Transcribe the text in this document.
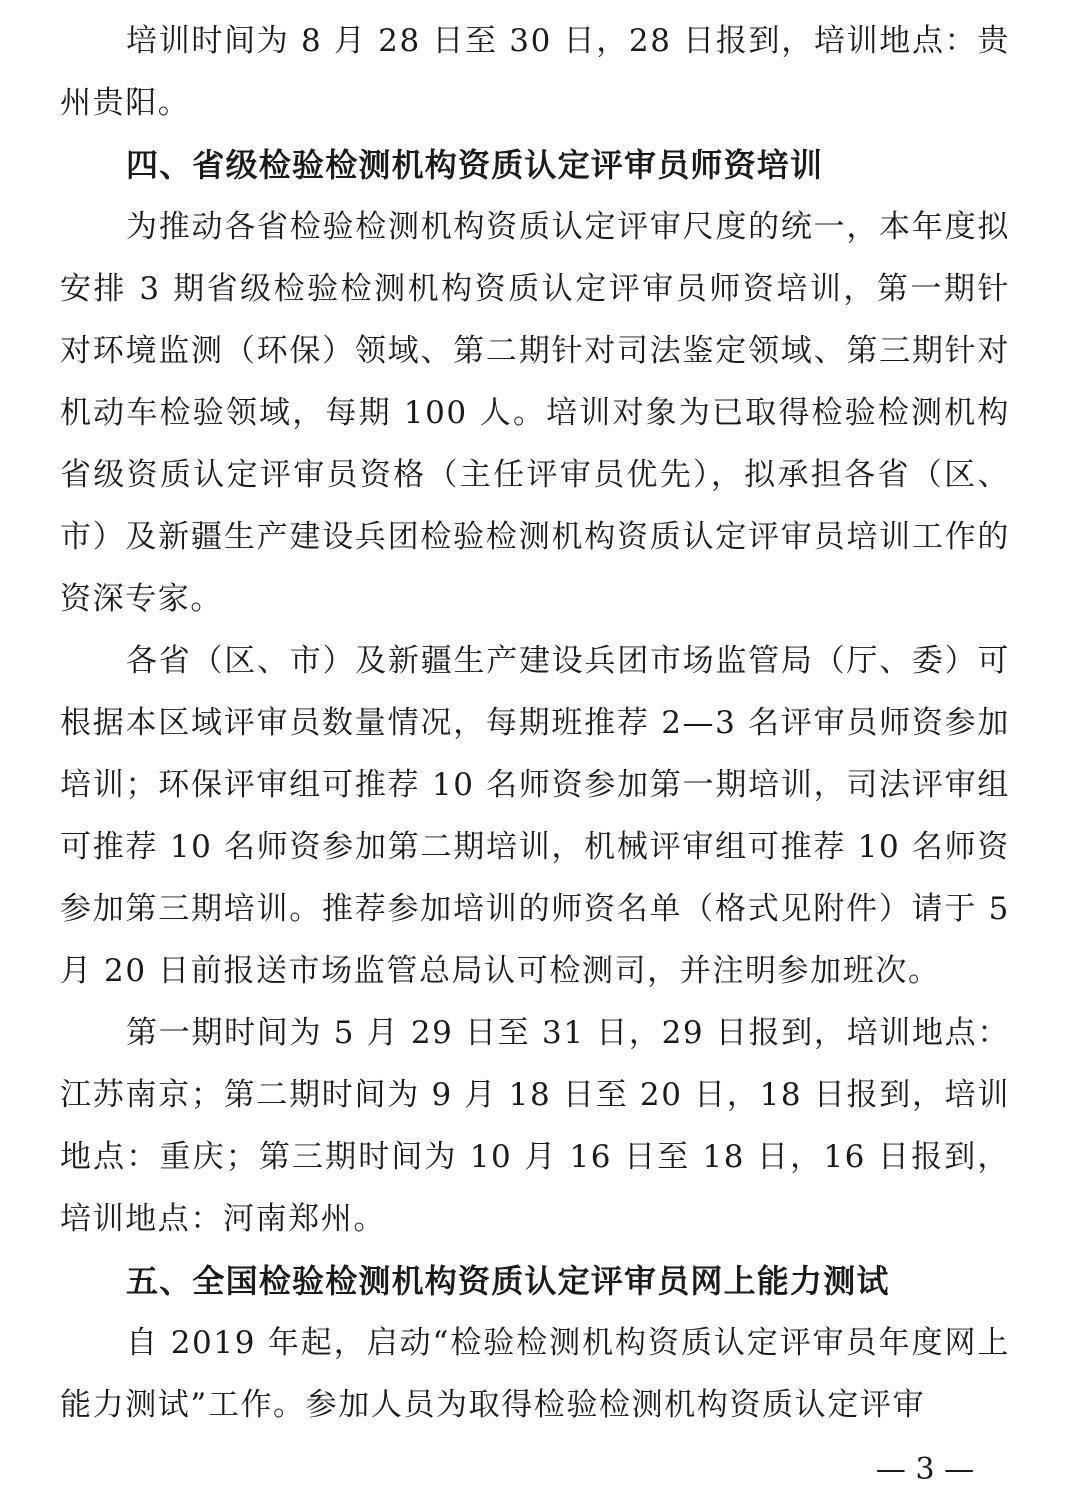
培训时间为 8 月 28 日至 30 日，28 日报到，培训地点：贵州贵阳。

四、省级检验检测机构资质认定评审员师资培训

为推动各省检验检测机构资质认定评审尺度的统一，本年度拟安排 3 期省级检验检测机构资质认定评审员师资培训，第一期针对环境监测（环保）领域、第二期针对司法鉴定领域、第三期针对机动车检验领域，每期 100 人。培训对象为已取得检验检测机构省级资质认定评审员资格（主任评审员优先），拟承担各省（区、市）及新疆生产建设兵团检验检测机构资质认定评审员培训工作的资深专家。

各省（区、市）及新疆生产建设兵团市场监管局（厅、委）可根据本区域评审员数量情况，每期班推荐 2—3 名评审员师资参加培训；环保评审组可推荐 10 名师资参加第一期培训，司法评审组可推荐 10 名师资参加第二期培训，机械评审组可推荐 10 名师资参加第三期培训。推荐参加培训的师资名单（格式见附件）请于 5 月 20 日前报送市场监管总局认可检测司，并注明参加班次。

第一期时间为 5 月 29 日至 31 日，29 日报到，培训地点：江苏南京；第二期时间为 9 月 18 日至 20 日，18 日报到，培训地点：重庆；第三期时间为 10 月 16 日至 18 日，16 日报到，培训地点：河南郑州。

五、全国检验检测机构资质认定评审员网上能力测试

自 2019 年起，启动“检验检测机构资质认定评审员年度网上能力测试”工作。参加人员为取得检验检测机构资质认定评审

— 3 —
